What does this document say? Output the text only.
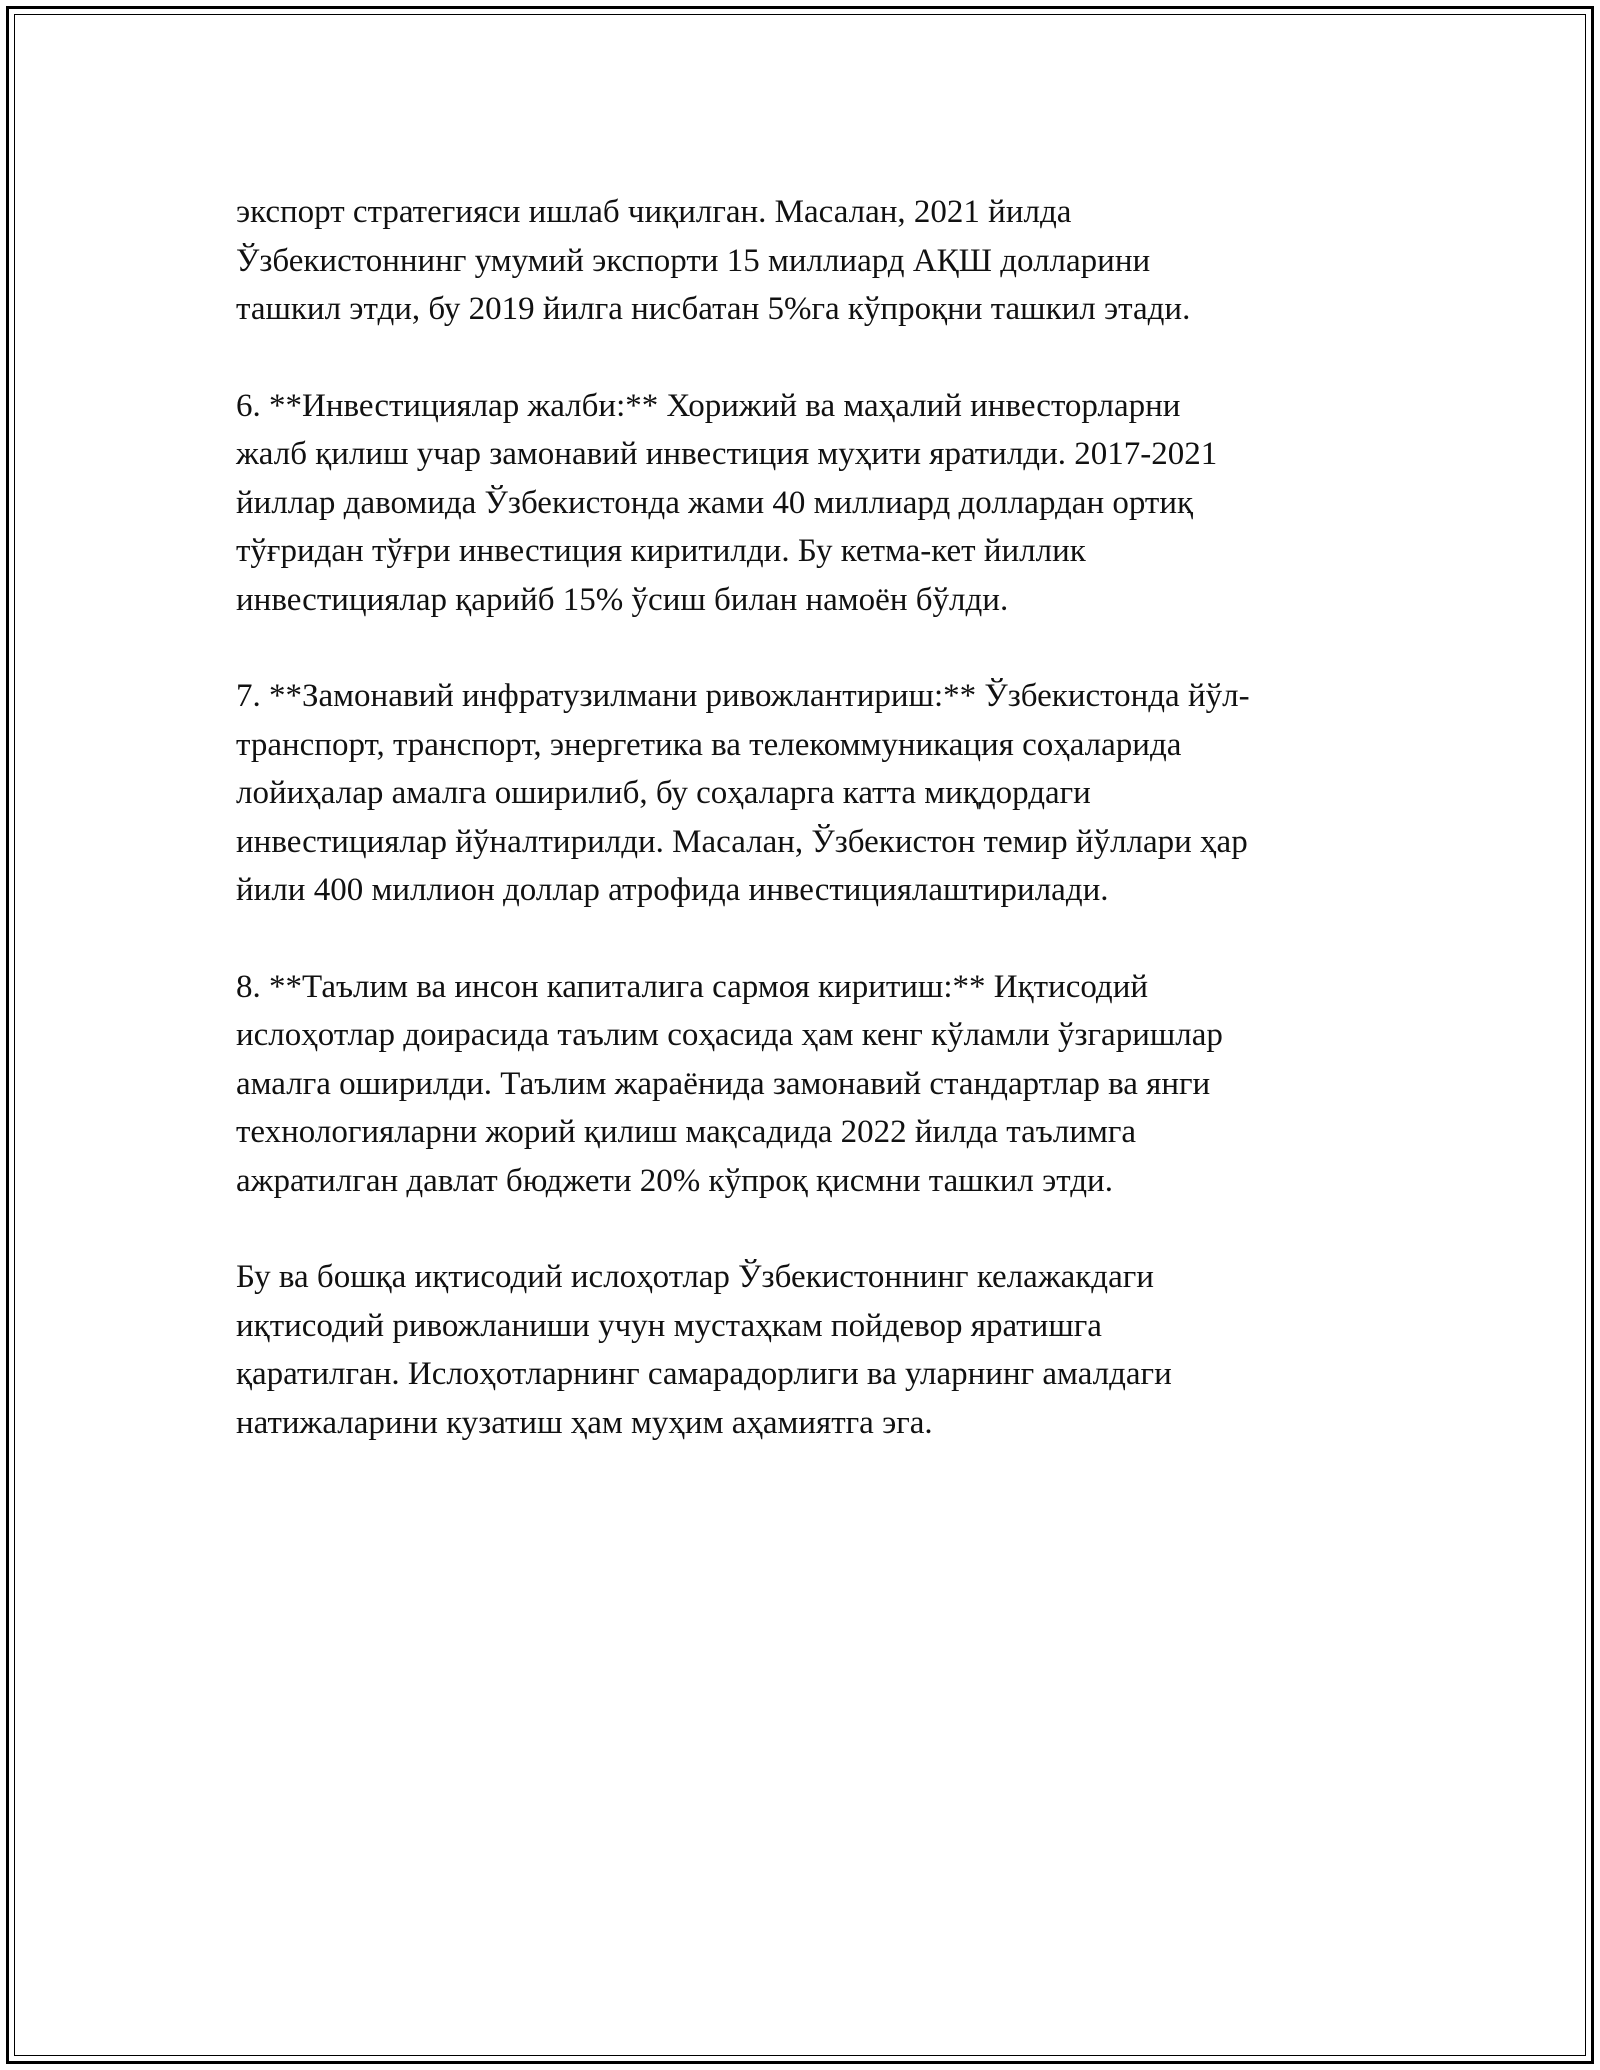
экспорт стратегияси ишлаб чиқилган. Масалан, 2021 йилда
Ўзбекистоннинг умумий экспорти 15 миллиард АҚШ долларини
ташкил этди, бу 2019 йилга нисбатан 5%га кўпроқни ташкил этади.

6. **Инвестициялар жалби:** Хорижий ва маҳалий инвесторларни
жалб қилиш учар замонавий инвестиция муҳити яратилди. 2017-2021
йиллар давомида Ўзбекистонда жами 40 миллиард доллардан ортиқ
тўғридан тўғри инвестиция киритилди. Бу кетма-кет йиллик
инвестициялар қарийб 15% ўсиш билан намоён бўлди.

7. **Замонавий инфратузилмани ривожлантириш:** Ўзбекистонда йўл-
транспорт, транспорт, энергетика ва телекоммуникация соҳаларида
лойиҳалар амалга оширилиб, бу соҳаларга катта миқдордаги
инвестициялар йўналтирилди. Масалан, Ўзбекистон темир йўллари ҳар
йили 400 миллион доллар атрофида инвестициялаштирилади.

8. **Таълим ва инсон капиталига сармоя киритиш:** Иқтисодий
ислоҳотлар доирасида таълим соҳасида ҳам кенг кўламли ўзгаришлар
амалга оширилди. Таълим жараёнида замонавий стандартлар ва янги
технологияларни жорий қилиш мақсадида 2022 йилда таълимга
ажратилган давлат бюджети 20% кўпроқ қисмни ташкил этди.

Бу ва бошқа иқтисодий ислоҳотлар Ўзбекистоннинг келажакдаги
иқтисодий ривожланиши учун мустаҳкам пойдевор яратишга
қаратилган. Ислоҳотларнинг самарадорлиги ва уларнинг амалдаги
натижаларини кузатиш ҳам муҳим аҳамиятга эга.
